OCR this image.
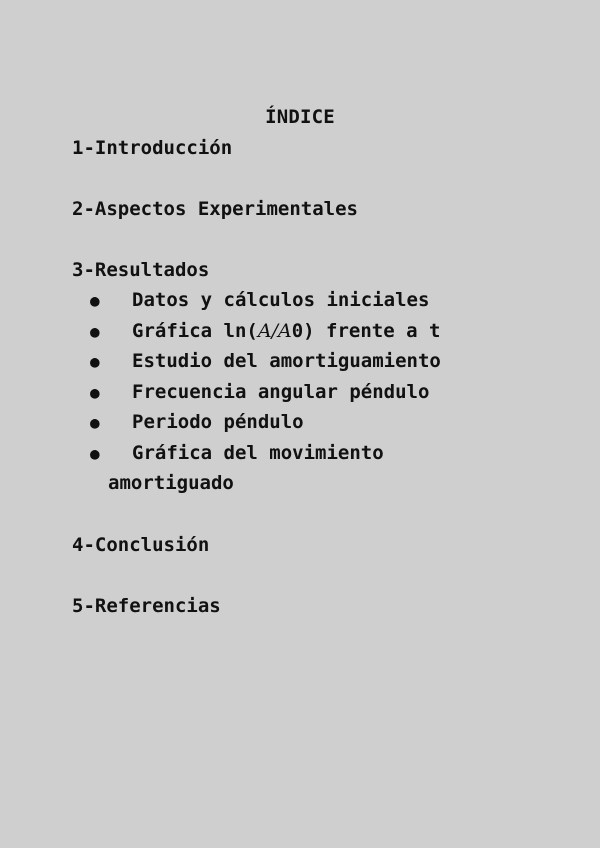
ÍNDICE
1-Introducción
2-Aspectos Experimentales
3-Resultados
● Datos y cálculos iniciales
● Gráfica ln(A/A0) frente a t
● Estudio del amortiguamiento
● Frecuencia angular péndulo
● Periodo péndulo
● Gráfica del movimiento
amortiguado
4-Conclusión
5-Referencias
